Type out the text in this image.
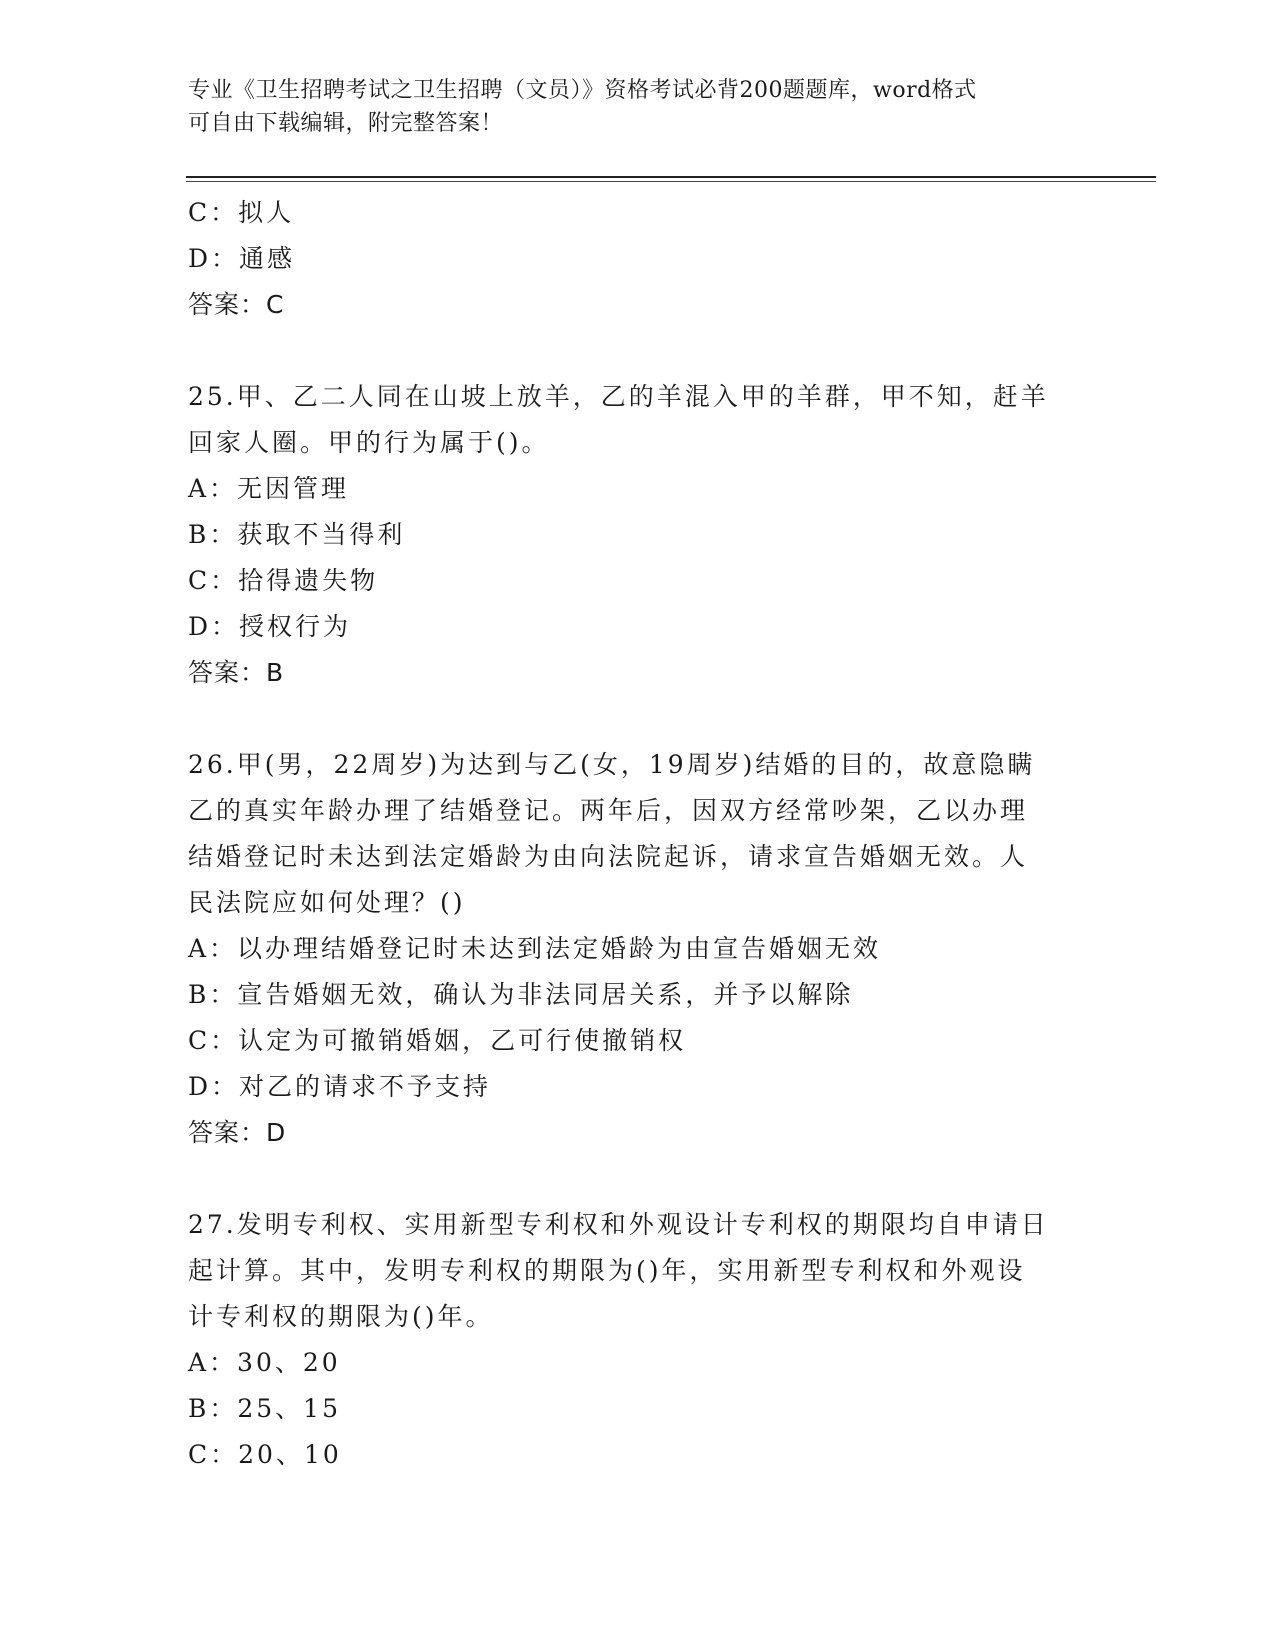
专业《卫生招聘考试之卫生招聘（文员）》资格考试必背200题题库，word格式
可自由下载编辑，附完整答案！
C：拟人
D：通感
答案：C
25.甲、乙二人同在山坡上放羊，乙的羊混入甲的羊群，甲不知，赶羊
回家人圈。甲的行为属于()。
A：无因管理
B：获取不当得利
C：拾得遗失物
D：授权行为
答案：B
26.甲(男，22周岁)为达到与乙(女，19周岁)结婚的目的，故意隐瞒
乙的真实年龄办理了结婚登记。两年后，因双方经常吵架，乙以办理
结婚登记时未达到法定婚龄为由向法院起诉，请求宣告婚姻无效。人
民法院应如何处理？()
A：以办理结婚登记时未达到法定婚龄为由宣告婚姻无效
B：宣告婚姻无效，确认为非法同居关系，并予以解除
C：认定为可撤销婚姻，乙可行使撤销权
D：对乙的请求不予支持
答案：D
27.发明专利权、实用新型专利权和外观设计专利权的期限均自申请日
起计算。其中，发明专利权的期限为()年，实用新型专利权和外观设
计专利权的期限为()年。
A：30、20
B：25、15
C：20、10
